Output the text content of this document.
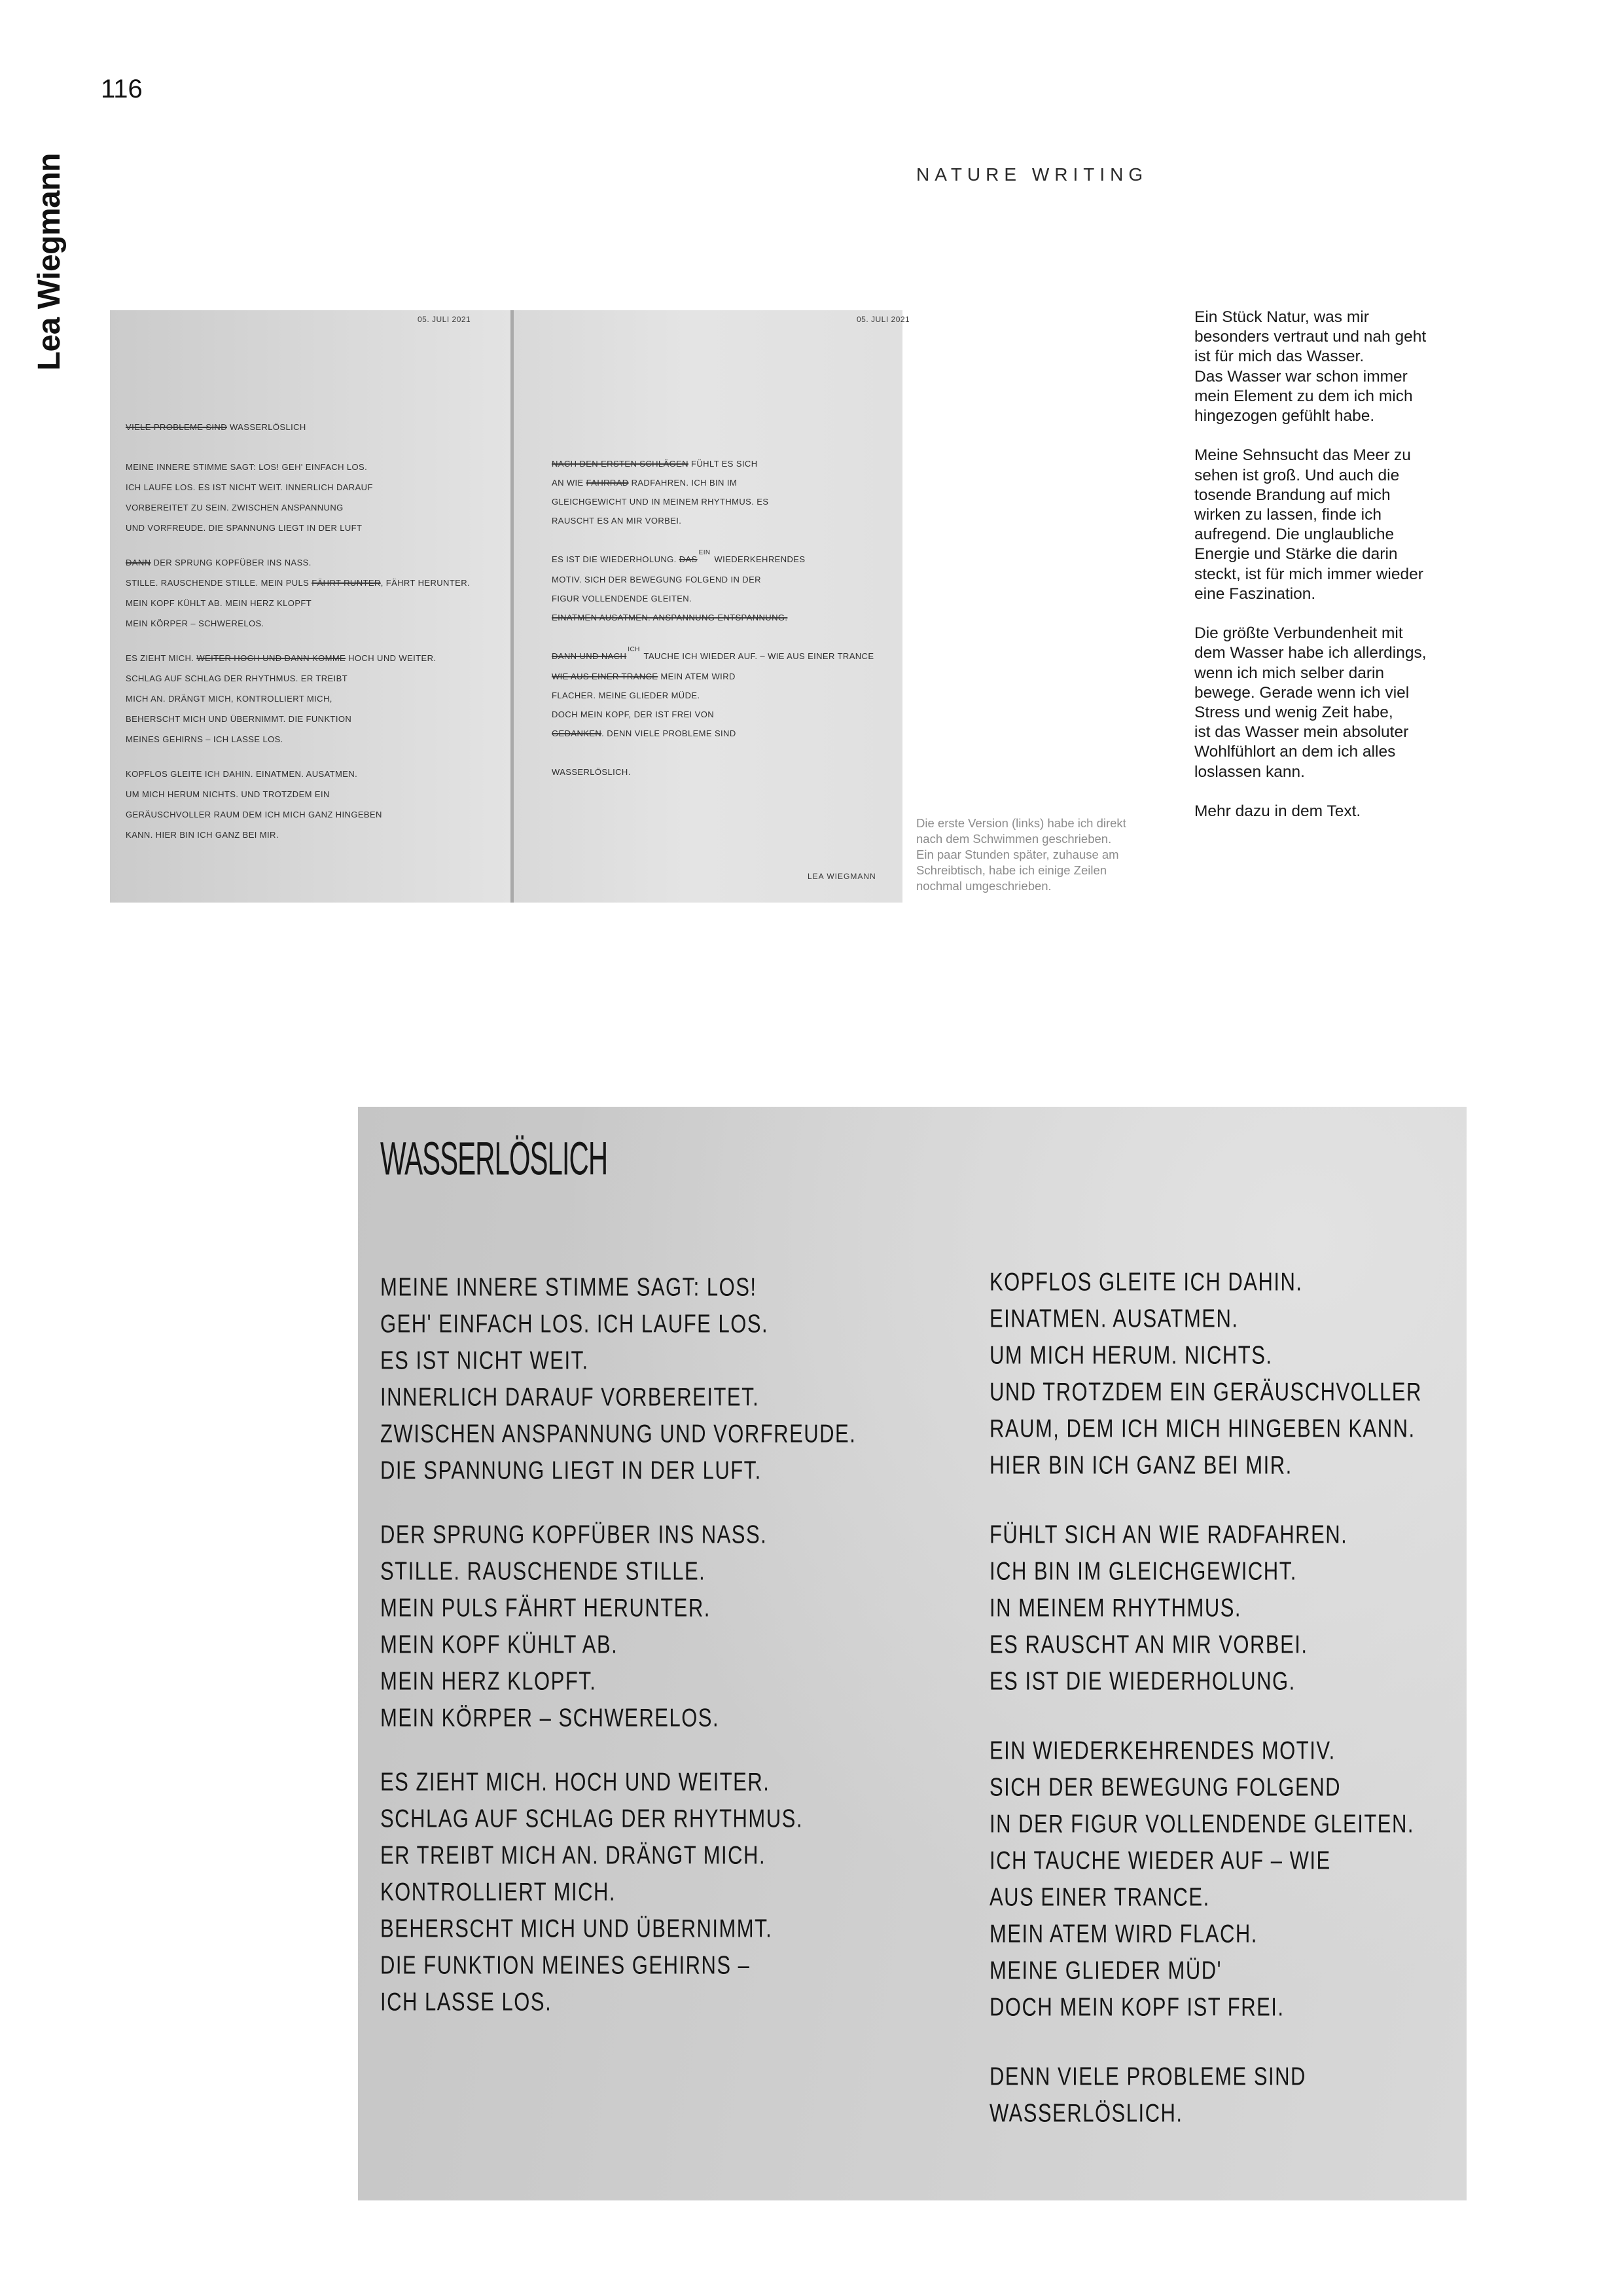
116
Lea Wiegmann	NATURE WRITING
05. JULI 2021
VIELE PROBLEME SIND WASSERLÖSLICH
MEINE INNERE STIMME SAGT: LOS! GEH' EINFACH LOS.
ICH LAUFE LOS. ES IST NICHT WEIT. INNERLICH DARAUF
VORBEREITET ZU SEIN. ZWISCHEN ANSPANNUNG
UND VORFREUDE. DIE SPANNUNG LIEGT IN DER LUFT
DANN DER SPRUNG KOPFÜBER INS NASS.
STILLE. RAUSCHENDE STILLE. MEIN PULS FÄHRT RUNTER, FÄHRT HERUNTER.
MEIN KOPF KÜHLT AB. MEIN HERZ KLOPFT
MEIN KÖRPER – SCHWERELOS.
ES ZIEHT MICH. WEITER HOCH UND DANN KOMME HOCH UND WEITER.
SCHLAG AUF SCHLAG DER RHYTHMUS. ER TREIBT
MICH AN. DRÄNGT MICH, KONTROLLIERT MICH,
BEHERSCHT MICH UND ÜBERNIMMT. DIE FUNKTION
MEINES GEHIRNS – ICH LASSE LOS.
KOPFLOS GLEITE ICH DAHIN. EINATMEN. AUSATMEN.
UM MICH HERUM NICHTS. UND TROTZDEM EIN
GERÄUSCHVOLLER RAUM DEM ICH MICH GANZ HINGEBEN
KANN. HIER BIN ICH GANZ BEI MIR.
05. JULI 2021
NACH DEN ERSTEN SCHLÄGEN FÜHLT ES SICH
AN WIE FAHRRAD RADFAHREN. ICH BIN IM
GLEICHGEWICHT UND IN MEINEM RHYTHMUS. ES
RAUSCHT ES AN MIR VORBEI.
ES IST DIE WIEDERHOLUNG. $DAS^{EIN}$ WIEDERKEHRENDES
MOTIV. SICH DER BEWEGUNG FOLGEND IN DER
FIGUR VOLLENDENDE GLEITEN.
EINATMEN AUSATMEN. ANSPANNUNG ENTSPANNUNG.
DANN UND $NACH^{ICH}$ TAUCHE ICH WIEDER AUF. – WIE AUS EINER TRANCE
WIE AUS EINER TRANCE MEIN ATEM WIRD
FLACHER. MEINE GLIEDER MÜDE.
DOCH MEIN KOPF, DER IST FREI VON
GEDANKEN. DENN VIELE PROBLEME SIND
WASSERLÖSLICH.
LEA WIEGMANN
Die erste Version (links) habe ich direkt
nach dem Schwimmen geschrieben.
Ein paar Stunden später, zuhause am
Schreibtisch, habe ich einige Zeilen
nochmal umgeschrieben.

Ein Stück Natur, was mir
besonders vertraut und nah geht
ist für mich das Wasser.
Das Wasser war schon immer
mein Element zu dem ich mich
hingezogen gefühlt habe.

Meine Sehnsucht das Meer zu
sehen ist groß. Und auch die
tosende Brandung auf mich
wirken zu lassen, finde ich
aufregend. Die unglaubliche
Energie und Stärke die darin
steckt, ist für mich immer wieder
eine Faszination.

Die größte Verbundenheit mit
dem Wasser habe ich allerdings,
wenn ich mich selber darin
bewege. Gerade wenn ich viel
Stress und wenig Zeit habe,
ist das Wasser mein absoluter
Wohlfühlort an dem ich alles
loslassen kann.

Mehr dazu in dem Text.

WASSERLÖSLICH
MEINE INNERE STIMME SAGT: LOS!
GEH' EINFACH LOS. ICH LAUFE LOS.
ES IST NICHT WEIT.
INNERLICH DARAUF VORBEREITET.
ZWISCHEN ANSPANNUNG UND VORFREUDE.
DIE SPANNUNG LIEGT IN DER LUFT.
DER SPRUNG KOPFÜBER INS NASS.
STILLE. RAUSCHENDE STILLE.
MEIN PULS FÄHRT HERUNTER.
MEIN KOPF KÜHLT AB.
MEIN HERZ KLOPFT.
MEIN KÖRPER – SCHWERELOS.
ES ZIEHT MICH. HOCH UND WEITER.
SCHLAG AUF SCHLAG DER RHYTHMUS.
ER TREIBT MICH AN. DRÄNGT MICH.
KONTROLLIERT MICH.
BEHERSCHT MICH UND ÜBERNIMMT.
DIE FUNKTION MEINES GEHIRNS –
ICH LASSE LOS.
KOPFLOS GLEITE ICH DAHIN.
EINATMEN. AUSATMEN.
UM MICH HERUM. NICHTS.
UND TROTZDEM EIN GERÄUSCHVOLLER
RAUM, DEM ICH MICH HINGEBEN KANN.
HIER BIN ICH GANZ BEI MIR.
FÜHLT SICH AN WIE RADFAHREN.
ICH BIN IM GLEICHGEWICHT.
IN MEINEM RHYTHMUS.
ES RAUSCHT AN MIR VORBEI.
ES IST DIE WIEDERHOLUNG.
EIN WIEDERKEHRENDES MOTIV.
SICH DER BEWEGUNG FOLGEND
IN DER FIGUR VOLLENDENDE GLEITEN.
ICH TAUCHE WIEDER AUF – WIE
AUS EINER TRANCE.
MEIN ATEM WIRD FLACH.
MEINE GLIEDER MÜD'
DOCH MEIN KOPF IST FREI.
DENN VIELE PROBLEME SIND
WASSERLÖSLICH.
